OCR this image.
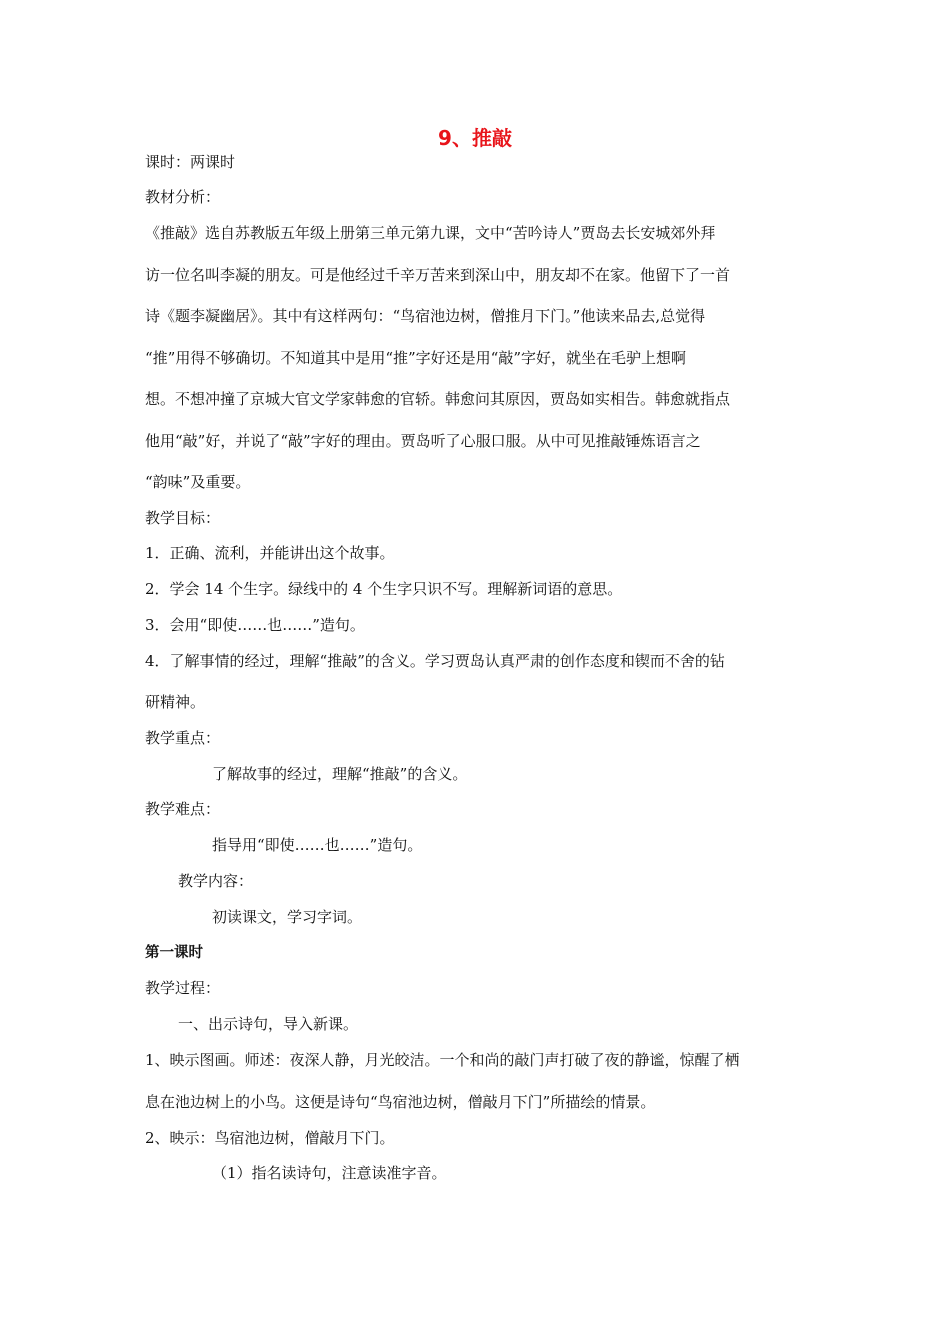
9、推敲
课时：两课时
教材分析：
《推敲》选自苏教版五年级上册第三单元第九课，文中“苦吟诗人”贾岛去长安城郊外拜
访一位名叫李凝的朋友。可是他经过千辛万苦来到深山中，朋友却不在家。他留下了一首
诗《题李凝幽居》。其中有这样两句：“鸟宿池边树，僧推月下门。”他读来品去,总觉得
“推”用得不够确切。不知道其中是用“推”字好还是用“敲”字好，就坐在毛驴上想啊
想。不想冲撞了京城大官文学家韩愈的官轿。韩愈问其原因，贾岛如实相告。韩愈就指点
他用“敲”好，并说了“敲”字好的理由。贾岛听了心服口服。从中可见推敲锤炼语言之
“韵味”及重要。
教学目标：
1．正确、流利，并能讲出这个故事。
2．学会 14 个生字。绿线中的 4 个生字只识不写。理解新词语的意思。
3．会用“即使……也……”造句。
4．了解事情的经过，理解“推敲”的含义。学习贾岛认真严肃的创作态度和锲而不舍的钻
研精神。
教学重点：
了解故事的经过，理解“推敲”的含义。
教学难点：
指导用“即使……也……”造句。
教学内容：
初读课文，学习字词。
第一课时
教学过程：
一、出示诗句，导入新课。
1、映示图画。师述：夜深人静，月光皎洁。一个和尚的敲门声打破了夜的静谧，惊醒了栖
息在池边树上的小鸟。这便是诗句“鸟宿池边树，僧敲月下门”所描绘的情景。
2、映示：鸟宿池边树，僧敲月下门。
（1）指名读诗句，注意读准字音。
